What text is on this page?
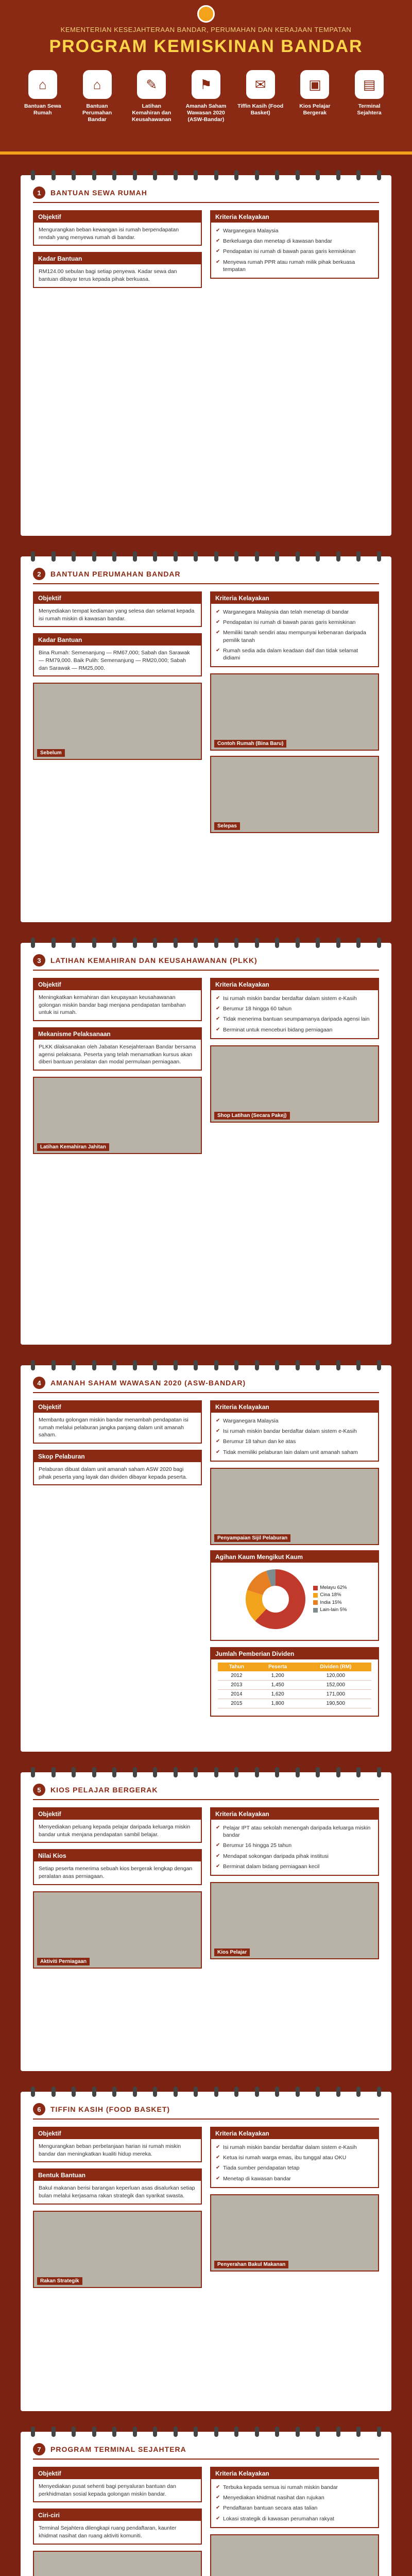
KEMENTERIAN KESEJAHTERAAN BANDAR, PERUMAHAN DAN KERAJAAN TEMPATAN
PROGRAM KEMISKINAN BANDAR
⌂
Bantuan Sewa Rumah
⌂
Bantuan Perumahan Bandar
✎
Latihan Kemahiran dan Keusahawanan
⚑
Amanah Saham Wawasan 2020 (ASW-Bandar)
✉
Tiffin Kasih (Food Basket)
▣
Kios Pelajar Bergerak
▤
Terminal Sejahtera
1	BANTUAN SEWA RUMAH
Objektif
Mengurangkan beban kewangan isi rumah berpendapatan rendah yang menyewa rumah di bandar.
Kadar Bantuan
RM124.00 sebulan bagi setiap penyewa. Kadar sewa dan bantuan dibayar terus kepada pihak berkuasa.
Kriteria Kelayakan
✔ Warganegara Malaysia
✔ Berkeluarga dan menetap di kawasan bandar
✔ Pendapatan isi rumah di bawah paras garis kemiskinan
✔ Menyewa rumah PPR atau rumah milik pihak berkuasa tempatan
2	BANTUAN PERUMAHAN BANDAR
Objektif
Menyediakan tempat kediaman yang selesa dan selamat kepada isi rumah miskin di kawasan bandar.
Kadar Bantuan
Bina Rumah: Semenanjung — RM67,000; Sabah dan Sarawak — RM79,000. Baik Pulih: Semenanjung — RM20,000; Sabah dan Sarawak — RM25,000.
Sebelum
Kriteria Kelayakan
✔ Warganegara Malaysia dan telah menetap di bandar
✔ Pendapatan isi rumah di bawah paras garis kemiskinan
✔ Memiliki tanah sendiri atau mempunyai kebenaran daripada pemilik tanah
✔ Rumah sedia ada dalam keadaan daif dan tidak selamat didiami
Contoh Rumah (Bina Baru)
Selepas
3	LATIHAN KEMAHIRAN DAN KEUSAHAWANAN (PLKK)
Objektif
Meningkatkan kemahiran dan keupayaan keusahawanan golongan miskin bandar bagi menjana pendapatan tambahan untuk isi rumah.
Mekanisme Pelaksanaan
PLKK dilaksanakan oleh Jabatan Kesejahteraan Bandar bersama agensi pelaksana. Peserta yang telah menamatkan kursus akan diberi bantuan peralatan dan modal permulaan perniagaan.
Latihan Kemahiran Jahitan
Kriteria Kelayakan
✔ Isi rumah miskin bandar berdaftar dalam sistem e-Kasih
✔ Berumur 18 hingga 60 tahun
✔ Tidak menerima bantuan seumpamanya daripada agensi lain
✔ Berminat untuk menceburi bidang perniagaan
Shop Latihan (Secara Pakej)
4	AMANAH SAHAM WAWASAN 2020 (ASW-BANDAR)
Objektif
Membantu golongan miskin bandar menambah pendapatan isi rumah melalui pelaburan jangka panjang dalam unit amanah saham.
Skop Pelaburan
Pelaburan dibuat dalam unit amanah saham ASW 2020 bagi pihak peserta yang layak dan dividen dibayar kepada peserta.
Kriteria Kelayakan
✔ Warganegara Malaysia
✔ Isi rumah miskin bandar berdaftar dalam sistem e-Kasih
✔ Berumur 18 tahun dan ke atas
✔ Tidak memiliki pelaburan lain dalam unit amanah saham
Penyampaian Sijil Pelaburan
Agihan Kaum Mengikut Kaum
Melayu 62%
Cina 18%
India 15%
Lain-lain 5%
Jumlah Pemberian Dividen
Tahun	Peserta	Dividen (RM)
2012	1,200	120,000
2013	1,450	152,000
2014	1,620	171,000
2015	1,800	190,500
5	KIOS PELAJAR BERGERAK
Objektif
Menyediakan peluang kepada pelajar daripada keluarga miskin bandar untuk menjana pendapatan sambil belajar.
Nilai Kios
Setiap peserta menerima sebuah kios bergerak lengkap dengan peralatan asas perniagaan.
Aktiviti Perniagaan
Kriteria Kelayakan
✔ Pelajar IPT atau sekolah menengah daripada keluarga miskin bandar
✔ Berumur 16 hingga 25 tahun
✔ Mendapat sokongan daripada pihak institusi
✔ Berminat dalam bidang perniagaan kecil
Kios Pelajar
6	TIFFIN KASIH (FOOD BASKET)
Objektif
Mengurangkan beban perbelanjaan harian isi rumah miskin bandar dan meningkatkan kualiti hidup mereka.
Bentuk Bantuan
Bakul makanan berisi barangan keperluan asas disalurkan setiap bulan melalui kerjasama rakan strategik dan syarikat swasta.
Rakan Strategik
Kriteria Kelayakan
✔ Isi rumah miskin bandar berdaftar dalam sistem e-Kasih
✔ Ketua isi rumah warga emas, ibu tunggal atau OKU
✔ Tiada sumber pendapatan tetap
✔ Menetap di kawasan bandar
Penyerahan Bakul Makanan
7	PROGRAM TERMINAL SEJAHTERA
Objektif
Menyediakan pusat sehenti bagi penyaluran bantuan dan perkhidmatan sosial kepada golongan miskin bandar.
Ciri-ciri
Terminal Sejahtera dilengkapi ruang pendaftaran, kaunter khidmat nasihat dan ruang aktiviti komuniti.
Kriteria Kelayakan
✔ Terbuka kepada semua isi rumah miskin bandar
✔ Menyediakan khidmat nasihat dan rujukan
✔ Pendaftaran bantuan secara atas talian
✔ Lokasi strategik di kawasan perumahan rakyat
